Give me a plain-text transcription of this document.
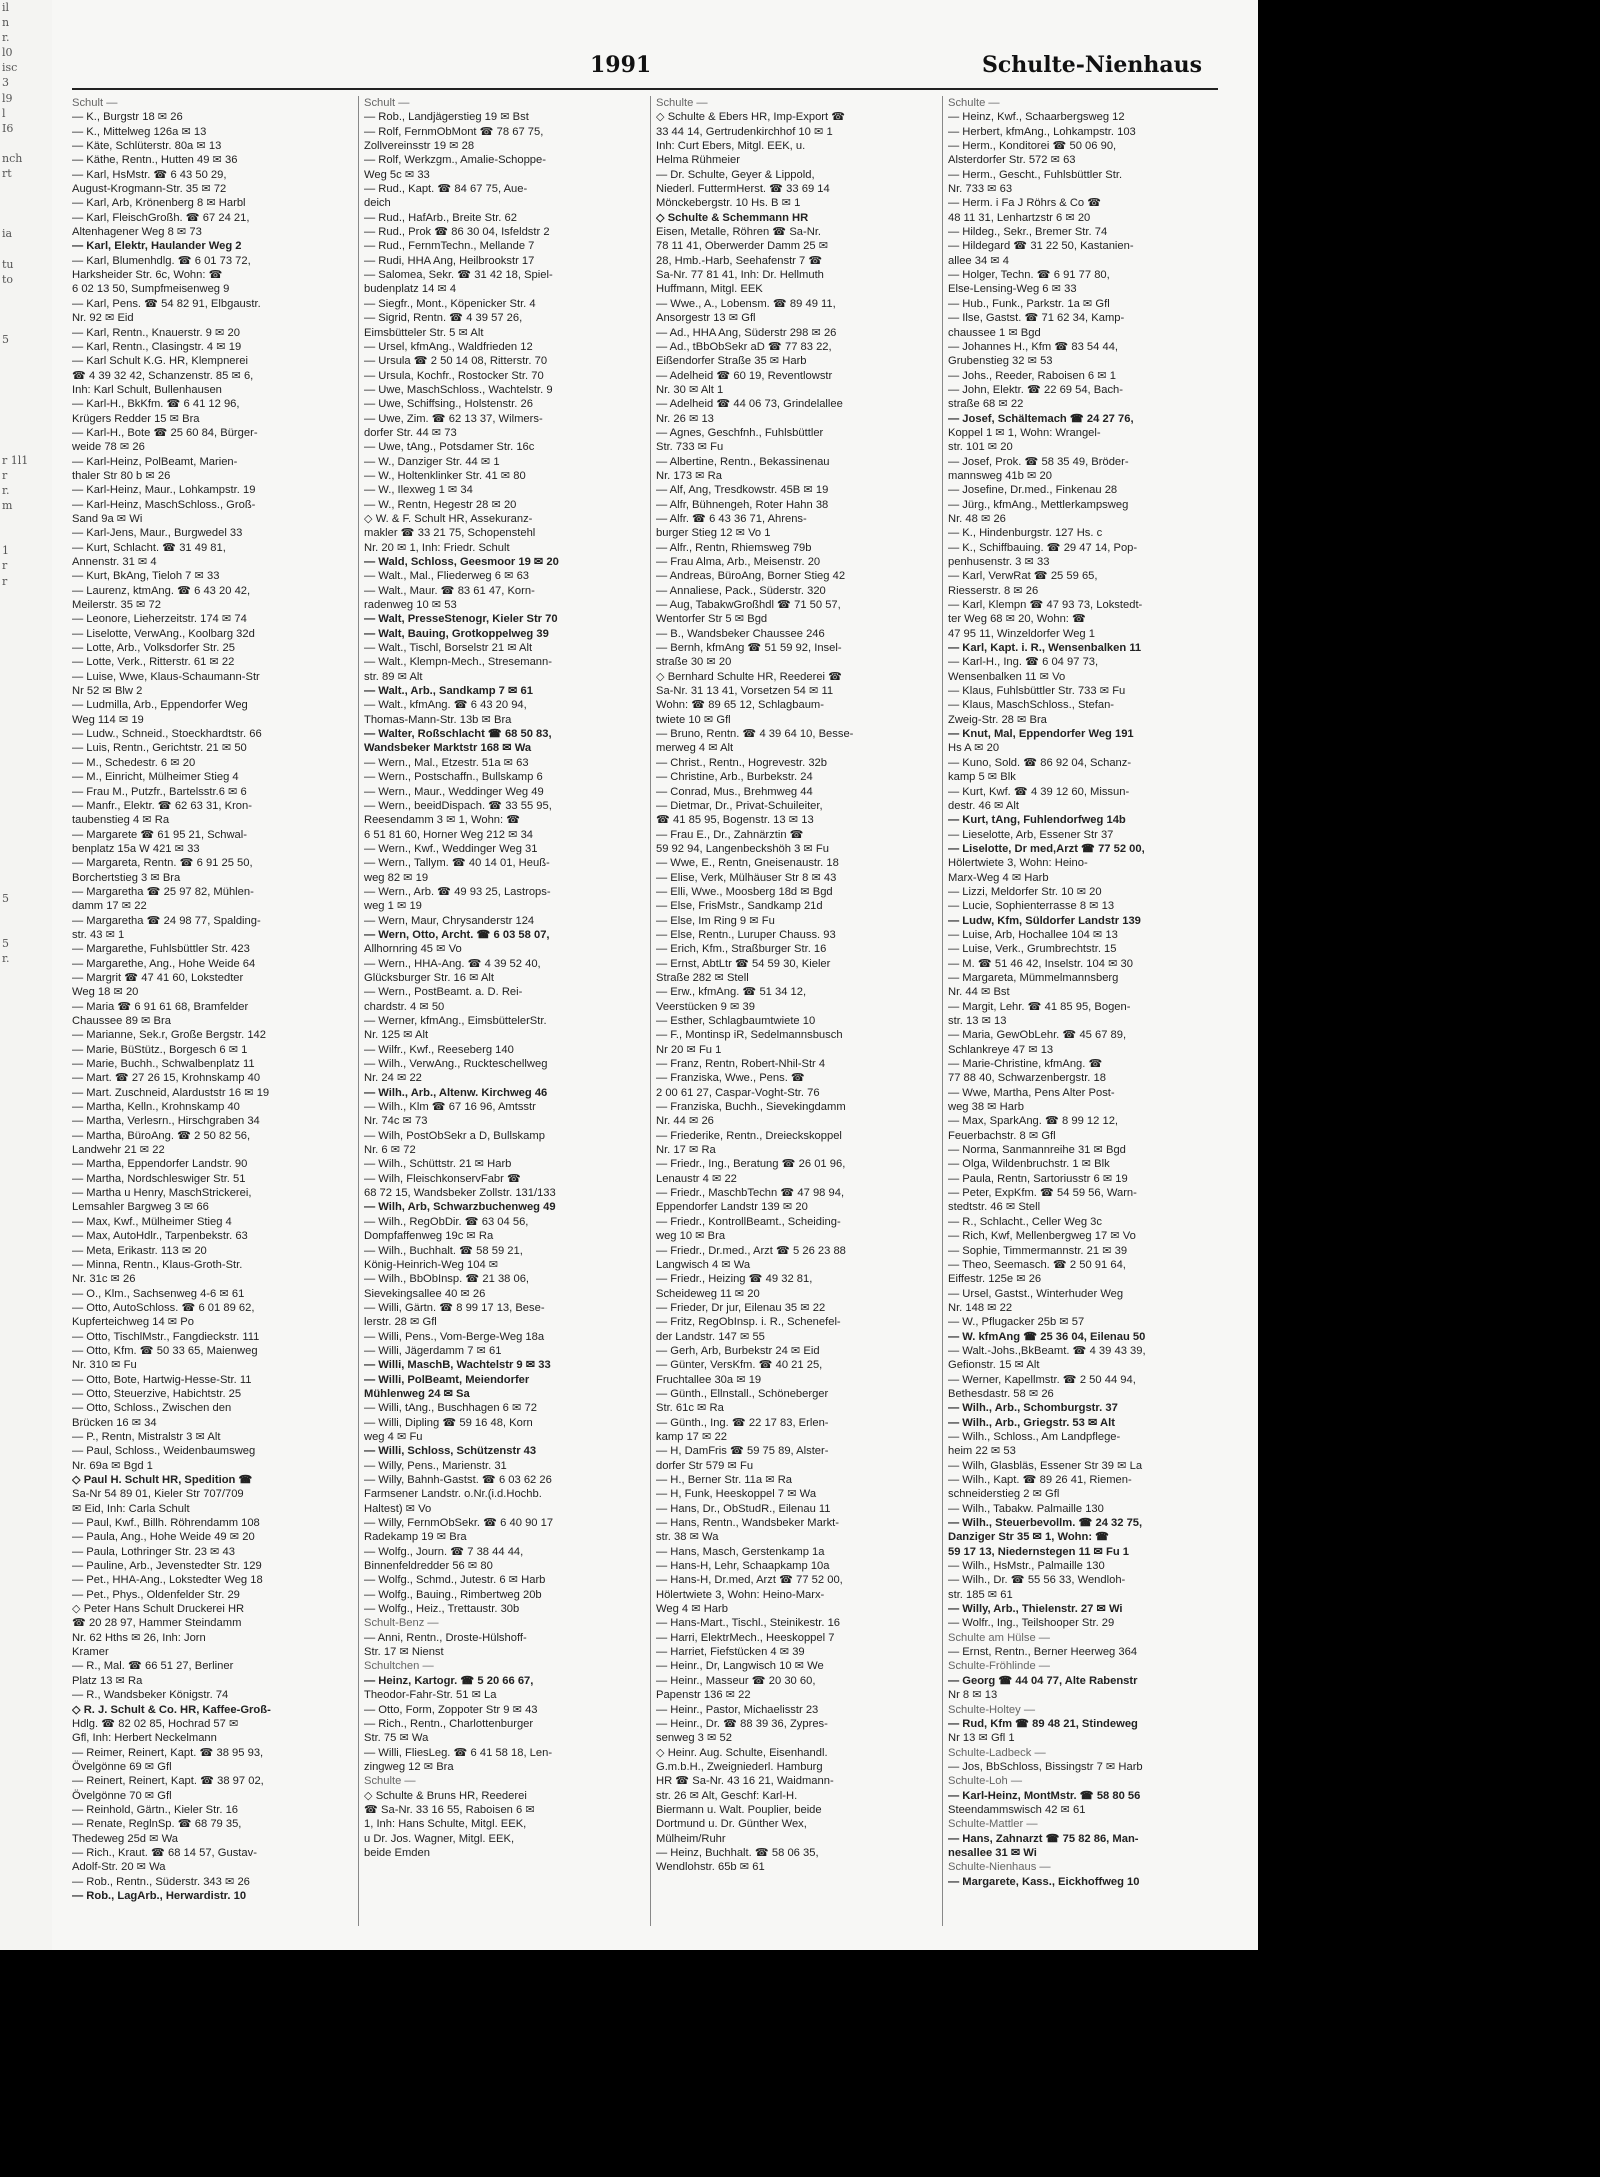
il
n
r.
l0
isc
3
l9
l
I6

nch
rt

ia

tu
to

5

r 1l1
r
r.
m

1
r
r

5

5
r.

1991	Schulte-Nienhaus
Schult —
— K., Burgstr 18 ✉ 26
— K., Mittelweg 126a ✉ 13
— Käte, Schlüterstr. 80a ✉ 13
— Käthe, Rentn., Hutten 49 ✉ 36
— Karl, HsMstr. ☎ 6 43 50 29,
August-Krogmann-Str. 35 ✉ 72
— Karl, Arb, Krönenberg 8 ✉ Harbl
— Karl, FleischGroßh. ☎ 67 24 21,
Altenhagener Weg 8 ✉ 73
— Karl, Elektr, Haulander Weg 2
— Karl, Blumenhdlg. ☎ 6 01 73 72,
Harksheider Str. 6c, Wohn: ☎
6 02 13 50, Sumpfmeisenweg 9
— Karl, Pens. ☎ 54 82 91, Elbgaustr.
Nr. 92 ✉ Eid
— Karl, Rentn., Knauerstr. 9 ✉ 20
— Karl, Rentn., Clasingstr. 4 ✉ 19
— Karl Schult K.G. HR, Klempnerei
☎ 4 39 32 42, Schanzenstr. 85 ✉ 6,
Inh: Karl Schult, Bullenhausen
— Karl-H., BkKfm. ☎ 6 41 12 96,
Krügers Redder 15 ✉ Bra
— Karl-H., Bote ☎ 25 60 84, Bürger-
weide 78 ✉ 26
— Karl-Heinz, PolBeamt, Marien-
thaler Str 80 b ✉ 26
— Karl-Heinz, Maur., Lohkampstr. 19
— Karl-Heinz, MaschSchloss., Groß-
Sand 9a ✉ Wi
— Karl-Jens, Maur., Burgwedel 33
— Kurt, Schlacht. ☎ 31 49 81,
Annenstr. 31 ✉ 4
— Kurt, BkAng, Tieloh 7 ✉ 33
— Laurenz, ktmAng. ☎ 6 43 20 42,
Meilerstr. 35 ✉ 72
— Leonore, Lieherzeitstr. 174 ✉ 74
— Liselotte, VerwAng., Koolbarg 32d
— Lotte, Arb., Volksdorfer Str. 25
— Lotte, Verk., Ritterstr. 61 ✉ 22
— Luise, Wwe, Klaus-Schaumann-Str
Nr 52 ✉ Blw 2
— Ludmilla, Arb., Eppendorfer Weg
Weg 114 ✉ 19
— Ludw., Schneid., Stoeckhardtstr. 66
— Luis, Rentn., Gerichtstr. 21 ✉ 50
— M., Schedestr. 6 ✉ 20
— M., Einricht, Mülheimer Stieg 4
— Frau M., Putzfr., Bartelsstr.6 ✉ 6
— Manfr., Elektr. ☎ 62 63 31, Kron-
taubenstieg 4 ✉ Ra
— Margarete ☎ 61 95 21, Schwal-
benplatz 15a W 421 ✉ 33
— Margareta, Rentn. ☎ 6 91 25 50,
Borchertstieg 3 ✉ Bra
— Margaretha ☎ 25 97 82, Mühlen-
damm 17 ✉ 22
— Margaretha ☎ 24 98 77, Spalding-
str. 43 ✉ 1
— Margarethe, Fuhlsbüttler Str. 423
— Margarethe, Ang., Hohe Weide 64
— Margrit ☎ 47 41 60, Lokstedter
Weg 18 ✉ 20
— Maria ☎ 6 91 61 68, Bramfelder
Chaussee 89 ✉ Bra
— Marianne, Sek.r, Große Bergstr. 142
— Marie, BüStütz., Borgesch 6 ✉ 1
— Marie, Buchh., Schwalbenplatz 11
— Mart. ☎ 27 26 15, Krohnskamp 40
— Mart. Zuschneid, Alarduststr 16 ✉ 19
— Martha, Kelln., Krohnskamp 40
— Martha, Verlesrn., Hirschgraben 34
— Martha, BüroAng. ☎ 2 50 82 56,
Landwehr 21 ✉ 22
— Martha, Eppendorfer Landstr. 90
— Martha, Nordschleswiger Str. 51
— Martha u Henry, MaschStrickerei,
Lemsahler Bargweg 3 ✉ 66
— Max, Kwf., Mülheimer Stieg 4
— Max, AutoHdlr., Tarpenbekstr. 63
— Meta, Erikastr. 113 ✉ 20
— Minna, Rentn., Klaus-Groth-Str.
Nr. 31c ✉ 26
— O., Klm., Sachsenweg 4-6 ✉ 61
— Otto, AutoSchloss. ☎ 6 01 89 62,
Kupferteichweg 14 ✉ Po
— Otto, TischlMstr., Fangdieckstr. 111
— Otto, Kfm. ☎ 50 33 65, Maienweg
Nr. 310 ✉ Fu
— Otto, Bote, Hartwig-Hesse-Str. 11
— Otto, Steuerzive, Habichtstr. 25
— Otto, Schloss., Zwischen den
Brücken 16 ✉ 34
— P., Rentn, Mistralstr 3 ✉ Alt
— Paul, Schloss., Weidenbaumsweg
Nr. 69a ✉ Bgd 1
◇ Paul H. Schult HR, Spedition ☎
Sa-Nr 54 89 01, Kieler Str 707/709
✉ Eid, Inh: Carla Schult
— Paul, Kwf., Billh. Röhrendamm 108
— Paula, Ang., Hohe Weide 49 ✉ 20
— Paula, Lothringer Str. 23 ✉ 43
— Pauline, Arb., Jevenstedter Str. 129
— Pet., HHA-Ang., Lokstedter Weg 18
— Pet., Phys., Oldenfelder Str. 29
◇ Peter Hans Schult Druckerei HR
☎ 20 28 97, Hammer Steindamm
Nr. 62 Hths ✉ 26, Inh: Jorn
Kramer
— R., Mal. ☎ 66 51 27, Berliner
Platz 13 ✉ Ra
— R., Wandsbeker Königstr. 74
◇ R. J. Schult & Co. HR, Kaffee-Groß-
Hdlg. ☎ 82 02 85, Hochrad 57 ✉
Gfl, Inh: Herbert Neckelmann
— Reimer, Reinert, Kapt. ☎ 38 95 93,
Övelgönne 69 ✉ Gfl
— Reinert, Reinert, Kapt. ☎ 38 97 02,
Övelgönne 70 ✉ Gfl
— Reinhold, Gärtn., Kieler Str. 16
— Renate, ReglnSp. ☎ 68 79 35,
Thedeweg 25d ✉ Wa
— Rich., Kraut. ☎ 68 14 57, Gustav-
Adolf-Str. 20 ✉ Wa
— Rob., Rentn., Süderstr. 343 ✉ 26
— Rob., LagArb., Herwardistr. 10
Schult —
— Rob., Landjägerstieg 19 ✉ Bst
— Rolf, FernmObMont ☎ 78 67 75,
Zollvereinsstr 19 ✉ 28
— Rolf, Werkzgm., Amalie-Schoppe-
Weg 5c ✉ 33
— Rud., Kapt. ☎ 84 67 75, Aue-
deich
— Rud., HafArb., Breite Str. 62
— Rud., Prok ☎ 86 30 04, Isfeldstr 2
— Rud., FernmTechn., Mellande 7
— Rudi, HHA Ang, Heilbrookstr 17
— Salomea, Sekr. ☎ 31 42 18, Spiel-
budenplatz 14 ✉ 4
— Siegfr., Mont., Köpenicker Str. 4
— Sigrid, Rentn. ☎ 4 39 57 26,
Eimsbütteler Str. 5 ✉ Alt
— Ursel, kfmAng., Waldfrieden 12
— Ursula ☎ 2 50 14 08, Ritterstr. 70
— Ursula, Kochfr., Rostocker Str. 70
— Uwe, MaschSchloss., Wachtelstr. 9
— Uwe, Schiffsing., Holstenstr. 26
— Uwe, Zim. ☎ 62 13 37, Wilmers-
dorfer Str. 44 ✉ 73
— Uwe, tAng., Potsdamer Str. 16c
— W., Danziger Str. 44 ✉ 1
— W., Holtenklinker Str. 41 ✉ 80
— W., Ilexweg 1 ✉ 34
— W., Rentn, Hegestr 28 ✉ 20
◇ W. & F. Schult HR, Assekuranz-
makler ☎ 33 21 75, Schopenstehl
Nr. 20 ✉ 1, Inh: Friedr. Schult
— Wald, Schloss, Geesmoor 19 ✉ 20
— Walt., Mal., Fliederweg 6 ✉ 63
— Walt., Maur. ☎ 83 61 47, Korn-
radenweg 10 ✉ 53
— Walt, PresseStenogr, Kieler Str 70
— Walt, Bauing, Grotkoppelweg 39
— Walt., Tischl, Borselstr 21 ✉ Alt
— Walt., Klempn-Mech., Stresemann-
str. 89 ✉ Alt
— Walt., Arb., Sandkamp 7 ✉ 61
— Walt., kfmAng. ☎ 6 43 20 94,
Thomas-Mann-Str. 13b ✉ Bra
— Walter, Roßschlacht ☎ 68 50 83,
Wandsbeker Marktstr 168 ✉ Wa
— Wern., Mal., Etzestr. 51a ✉ 63
— Wern., Postschaffn., Bullskamp 6
— Wern., Maur., Weddinger Weg 49
— Wern., beeidDispach. ☎ 33 55 95,
Reesendamm 3 ✉ 1, Wohn: ☎
6 51 81 60, Horner Weg 212 ✉ 34
— Wern., Kwf., Weddinger Weg 31
— Wern., Tallym. ☎ 40 14 01, Heuß-
weg 82 ✉ 19
— Wern., Arb. ☎ 49 93 25, Lastrops-
weg 1 ✉ 19
— Wern, Maur, Chrysanderstr 124
— Wern, Otto, Archt. ☎ 6 03 58 07,
Allhornring 45 ✉ Vo
— Wern., HHA-Ang. ☎ 4 39 52 40,
Glücksburger Str. 16 ✉ Alt
— Wern., PostBeamt. a. D. Rei-
chardstr. 4 ✉ 50
— Werner, kfmAng., EimsbüttelerStr.
Nr. 125 ✉ Alt
— Wilfr., Kwf., Reeseberg 140
— Wilh., VerwAng., Ruckteschellweg
Nr. 24 ✉ 22
— Wilh., Arb., Altenw. Kirchweg 46
— Wilh., Klm ☎ 67 16 96, Amtsstr
Nr. 74c ✉ 73
— Wilh, PostObSekr a D, Bullskamp
Nr. 6 ✉ 72
— Wilh., Schüttstr. 21 ✉ Harb
— Wilh, FleischkonservFabr ☎
68 72 15, Wandsbeker Zollstr. 131/133
— Wilh, Arb, Schwarzbuchenweg 49
— Wilh., RegObDir. ☎ 63 04 56,
Dompfaffenweg 19c ✉ Ra
— Wilh., Buchhalt. ☎ 58 59 21,
König-Heinrich-Weg 104 ✉
— Wilh., BbObInsp. ☎ 21 38 06,
Sievekingsallee 40 ✉ 26
— Willi, Gärtn. ☎ 8 99 17 13, Bese-
lerstr. 28 ✉ Gfl
— Willi, Pens., Vom-Berge-Weg 18a
— Willi, Jägerdamm 7 ✉ 61
— Willi, MaschB, Wachtelstr 9 ✉ 33
— Willi, PolBeamt, Meiendorfer
Mühlenweg 24 ✉ Sa
— Willi, tAng., Buschhagen 6 ✉ 72
— Willi, Dipling ☎ 59 16 48, Korn
weg 4 ✉ Fu
— Willi, Schloss, Schützenstr 43
— Willy, Pens., Marienstr. 31
— Willy, Bahnh-Gastst. ☎ 6 03 62 26
Farmsener Landstr. o.Nr.(i.d.Hochb.
Haltest) ✉ Vo
— Willy, FernmObSekr. ☎ 6 40 90 17
Radekamp 19 ✉ Bra
— Wolfg., Journ. ☎ 7 38 44 44,
Binnenfeldredder 56 ✉ 80
— Wolfg., Schmd., Jutestr. 6 ✉ Harb
— Wolfg., Bauing., Rimbertweg 20b
— Wolfg., Heiz., Trettaustr. 30b
Schult-Benz —
— Anni, Rentn., Droste-Hülshoff-
Str. 17 ✉ Nienst
Schultchen —
— Heinz, Kartogr. ☎ 5 20 66 67,
Theodor-Fahr-Str. 51 ✉ La
— Otto, Form, Zoppoter Str 9 ✉ 43
— Rich., Rentn., Charlottenburger
Str. 75 ✉ Wa
— Willi, FliesLeg. ☎ 6 41 58 18, Len-
zingweg 12 ✉ Bra
Schulte —
◇ Schulte & Bruns HR, Reederei
☎ Sa-Nr. 33 16 55, Raboisen 6 ✉
1, Inh: Hans Schulte, Mitgl. EEK,
u Dr. Jos. Wagner, Mitgl. EEK,
beide Emden
Schulte —
◇ Schulte & Ebers HR, Imp-Export ☎
33 44 14, Gertrudenkirchhof 10 ✉ 1
Inh: Curt Ebers, Mitgl. EEK, u.
Helma Rühmeier
— Dr. Schulte, Geyer & Lippold,
Niederl. FuttermHerst. ☎ 33 69 14
Mönckebergstr. 10 Hs. B ✉ 1
◇ Schulte & Schemmann HR
Eisen, Metalle, Röhren ☎ Sa-Nr.
78 11 41, Oberwerder Damm 25 ✉
28, Hmb.-Harb, Seehafenstr 7 ☎
Sa-Nr. 77 81 41, Inh: Dr. Hellmuth
Huffmann, Mitgl. EEK
— Wwe., A., Lobensm. ☎ 89 49 11,
Ansorgestr 13 ✉ Gfl
— Ad., HHA Ang, Süderstr 298 ✉ 26
— Ad., tBbObSekr aD ☎ 77 83 22,
Eißendorfer Straße 35 ✉ Harb
— Adelheid ☎ 60 19, Reventlowstr
Nr. 30 ✉ Alt 1
— Adelheid ☎ 44 06 73, Grindelallee
Nr. 26 ✉ 13
— Agnes, Geschfnh., Fuhlsbüttler
Str. 733 ✉ Fu
— Albertine, Rentn., Bekassinenau
Nr. 173 ✉ Ra
— Alf, Ang, Tresdkowstr. 45B ✉ 19
— Alfr, Bühnengeh, Roter Hahn 38
— Alfr. ☎ 6 43 36 71, Ahrens-
burger Stieg 12 ✉ Vo 1
— Alfr., Rentn, Rhiemsweg 79b
— Frau Alma, Arb., Meisenstr. 20
— Andreas, BüroAng, Borner Stieg 42
— Annaliese, Pack., Süderstr. 320
— Aug, TabakwGroßhdl ☎ 71 50 57,
Wentorfer Str 5 ✉ Bgd
— B., Wandsbeker Chaussee 246
— Bernh, kfmAng ☎ 51 59 92, Insel-
straße 30 ✉ 20
◇ Bernhard Schulte HR, Reederei ☎
Sa-Nr. 31 13 41, Vorsetzen 54 ✉ 11
Wohn: ☎ 89 65 12, Schlagbaum-
twiete 10 ✉ Gfl
— Bruno, Rentn. ☎ 4 39 64 10, Besse-
merweg 4 ✉ Alt
— Christ., Rentn., Hogrevestr. 32b
— Christine, Arb., Burbekstr. 24
— Conrad, Mus., Brehmweg 44
— Dietmar, Dr., Privat-Schuileiter,
☎ 41 85 95, Bogenstr. 13 ✉ 13
— Frau E., Dr., Zahnärztin ☎
59 92 94, Langenbeckshöh 3 ✉ Fu
— Wwe, E., Rentn, Gneisenaustr. 18
— Elise, Verk, Mülhäuser Str 8 ✉ 43
— Elli, Wwe., Moosberg 18d ✉ Bgd
— Else, FrisMstr., Sandkamp 21d
— Else, Im Ring 9 ✉ Fu
— Else, Rentn., Luruper Chauss. 93
— Erich, Kfm., Straßburger Str. 16
— Ernst, AbtLtr ☎ 54 59 30, Kieler
Straße 282 ✉ Stell
— Erw., kfmAng. ☎ 51 34 12,
Veerstücken 9 ✉ 39
— Esther, Schlagbaumtwiete 10
— F., Montinsp iR, Sedelmannsbusch
Nr 20 ✉ Fu 1
— Franz, Rentn, Robert-Nhil-Str 4
— Franziska, Wwe., Pens. ☎
2 00 61 27, Caspar-Voght-Str. 76
— Franziska, Buchh., Sievekingdamm
Nr. 44 ✉ 26
— Friederike, Rentn., Dreieckskoppel
Nr. 17 ✉ Ra
— Friedr., Ing., Beratung ☎ 26 01 96,
Lenaustr 4 ✉ 22
— Friedr., MaschbTechn ☎ 47 98 94,
Eppendorfer Landstr 139 ✉ 20
— Friedr., KontrollBeamt., Scheiding-
weg 10 ✉ Bra
— Friedr., Dr.med., Arzt ☎ 5 26 23 88
Langwisch 4 ✉ Wa
— Friedr., Heizing ☎ 49 32 81,
Scheideweg 11 ✉ 20
— Frieder, Dr jur, Eilenau 35 ✉ 22
— Fritz, RegObInsp. i. R., Schenefel-
der Landstr. 147 ✉ 55
— Gerh, Arb, Burbekstr 24 ✉ Eid
— Günter, VersKfm. ☎ 40 21 25,
Fruchtallee 30a ✉ 19
— Günth., Ellnstall., Schöneberger
Str. 61c ✉ Ra
— Günth., Ing. ☎ 22 17 83, Erlen-
kamp 17 ✉ 22
— H, DamFris ☎ 59 75 89, Alster-
dorfer Str 579 ✉ Fu
— H., Berner Str. 11a ✉ Ra
— H, Funk, Heeskoppel 7 ✉ Wa
— Hans, Dr., ObStudR., Eilenau 11
— Hans, Rentn., Wandsbeker Markt-
str. 38 ✉ Wa
— Hans, Masch, Gerstenkamp 1a
— Hans-H, Lehr, Schaapkamp 10a
— Hans-H, Dr.med, Arzt ☎ 77 52 00,
Hölertwiete 3, Wohn: Heino-Marx-
Weg 4 ✉ Harb
— Hans-Mart., Tischl., Steinikestr. 16
— Harri, ElektrMech., Heeskoppel 7
— Harriet, Fiefstücken 4 ✉ 39
— Heinr., Dr, Langwisch 10 ✉ We
— Heinr., Masseur ☎ 20 30 60,
Papenstr 136 ✉ 22
— Heinr., Pastor, Michaelisstr 23
— Heinr., Dr. ☎ 88 39 36, Zypres-
senweg 3 ✉ 52
◇ Heinr. Aug. Schulte, Eisenhandl.
G.m.b.H., Zweigniederl. Hamburg
HR ☎ Sa-Nr. 43 16 21, Waidmann-
str. 26 ✉ Alt, Geschf: Karl-H.
Biermann u. Walt. Pouplier, beide
Dortmund u. Dr. Günther Wex,
Mülheim/Ruhr
— Heinz, Buchhalt. ☎ 58 06 35,
Wendlohstr. 65b ✉ 61
Schulte —
— Heinz, Kwf., Schaarbergsweg 12
— Herbert, kfmAng., Lohkampstr. 103
— Herm., Konditorei ☎ 50 06 90,
Alsterdorfer Str. 572 ✉ 63
— Herm., Gescht., Fuhlsbüttler Str.
Nr. 733 ✉ 63
— Herm. i Fa J Röhrs & Co ☎
48 11 31, Lenhartzstr 6 ✉ 20
— Hildeg., Sekr., Bremer Str. 74
— Hildegard ☎ 31 22 50, Kastanien-
allee 34 ✉ 4
— Holger, Techn. ☎ 6 91 77 80,
Else-Lensing-Weg 6 ✉ 33
— Hub., Funk., Parkstr. 1a ✉ Gfl
— Ilse, Gastst. ☎ 71 62 34, Kamp-
chaussee 1 ✉ Bgd
— Johannes H., Kfm ☎ 83 54 44,
Grubenstieg 32 ✉ 53
— Johs., Reeder, Raboisen 6 ✉ 1
— John, Elektr. ☎ 22 69 54, Bach-
straße 68 ✉ 22
— Josef, Schältemach ☎ 24 27 76,
Koppel 1 ✉ 1, Wohn: Wrangel-
str. 101 ✉ 20
— Josef, Prok. ☎ 58 35 49, Bröder-
mannsweg 41b ✉ 20
— Josefine, Dr.med., Finkenau 28
— Jürg., kfmAng., Mettlerkampsweg
Nr. 48 ✉ 26
— K., Hindenburgstr. 127 Hs. c
— K., Schiffbauing. ☎ 29 47 14, Pop-
penhusenstr. 3 ✉ 33
— Karl, VerwRat ☎ 25 59 65,
Riesserstr. 8 ✉ 26
— Karl, Klempn ☎ 47 93 73, Lokstedt-
ter Weg 68 ✉ 20, Wohn: ☎
47 95 11, Winzeldorfer Weg 1
— Karl, Kapt. i. R., Wensenbalken 11
— Karl-H., Ing. ☎ 6 04 97 73,
Wensenbalken 11 ✉ Vo
— Klaus, Fuhlsbüttler Str. 733 ✉ Fu
— Klaus, MaschSchloss., Stefan-
Zweig-Str. 28 ✉ Bra
— Knut, Mal, Eppendorfer Weg 191
Hs A ✉ 20
— Kuno, Sold. ☎ 86 92 04, Schanz-
kamp 5 ✉ Blk
— Kurt, Kwf. ☎ 4 39 12 60, Missun-
destr. 46 ✉ Alt
— Kurt, tAng, Fuhlendorfweg 14b
— Lieselotte, Arb, Essener Str 37
— Liselotte, Dr med,Arzt ☎ 77 52 00,
Hölertwiete 3, Wohn: Heino-
Marx-Weg 4 ✉ Harb
— Lizzi, Meldorfer Str. 10 ✉ 20
— Lucie, Sophienterrasse 8 ✉ 13
— Ludw, Kfm, Süldorfer Landstr 139
— Luise, Arb, Hochallee 104 ✉ 13
— Luise, Verk., Grumbrechtstr. 15
— M. ☎ 51 46 42, Inselstr. 104 ✉ 30
— Margareta, Mümmelmannsberg
Nr. 44 ✉ Bst
— Margit, Lehr. ☎ 41 85 95, Bogen-
str. 13 ✉ 13
— Maria, GewObLehr. ☎ 45 67 89,
Schlankreye 47 ✉ 13
— Marie-Christine, kfmAng. ☎
77 88 40, Schwarzenbergstr. 18
— Wwe, Martha, Pens Alter Post-
weg 38 ✉ Harb
— Max, SparkAng. ☎ 8 99 12 12,
Feuerbachstr. 8 ✉ Gfl
— Norma, Sanmannreihe 31 ✉ Bgd
— Olga, Wildenbruchstr. 1 ✉ Blk
— Paula, Rentn, Sartoriusstr 6 ✉ 19
— Peter, ExpKfm. ☎ 54 59 56, Warn-
stedtstr. 46 ✉ Stell
— R., Schlacht., Celler Weg 3c
— Rich, Kwf, Mellenbergweg 17 ✉ Vo
— Sophie, Timmermannstr. 21 ✉ 39
— Theo, Seemasch. ☎ 2 50 91 64,
Eiffestr. 125e ✉ 26
— Ursel, Gastst., Winterhuder Weg
Nr. 148 ✉ 22
— W., Pflugacker 25b ✉ 57
— W. kfmAng ☎ 25 36 04, Eilenau 50
— Walt.-Johs.,BkBeamt. ☎ 4 39 43 39,
Gefionstr. 15 ✉ Alt
— Werner, Kapellmstr. ☎ 2 50 44 94,
Bethesdastr. 58 ✉ 26
— Wilh., Arb., Schomburgstr. 37
— Wilh., Arb., Griegstr. 53 ✉ Alt
— Wilh., Schloss., Am Landpflege-
heim 22 ✉ 53
— Wilh, Glasbläs, Essener Str 39 ✉ La
— Wilh., Kapt. ☎ 89 26 41, Riemen-
schneiderstieg 2 ✉ Gfl
— Wilh., Tabakw. Palmaille 130
— Wilh., Steuerbevollm. ☎ 24 32 75,
Danziger Str 35 ✉ 1, Wohn: ☎
59 17 13, Niedernstegen 11 ✉ Fu 1
— Wilh., HsMstr., Palmaille 130
— Wilh., Dr. ☎ 55 56 33, Wendloh-
str. 185 ✉ 61
— Willy, Arb., Thielenstr. 27 ✉ Wi
— Wolfr., Ing., Teilshooper Str. 29
Schulte am Hülse —
— Ernst, Rentn., Berner Heerweg 364
Schulte-Fröhlinde —
— Georg ☎ 44 04 77, Alte Rabenstr
Nr 8 ✉ 13
Schulte-Holtey —
— Rud, Kfm ☎ 89 48 21, Stindeweg
Nr 13 ✉ Gfl 1
Schulte-Ladbeck —
— Jos, BbSchloss, Bissingstr 7 ✉ Harb
Schulte-Loh —
— Karl-Heinz, MontMstr. ☎ 58 80 56
Steendammswisch 42 ✉ 61
Schulte-Mattler —
— Hans, Zahnarzt ☎ 75 82 86, Man-
nesallee 31 ✉ Wi
Schulte-Nienhaus —
— Margarete, Kass., Eickhoffweg 10
